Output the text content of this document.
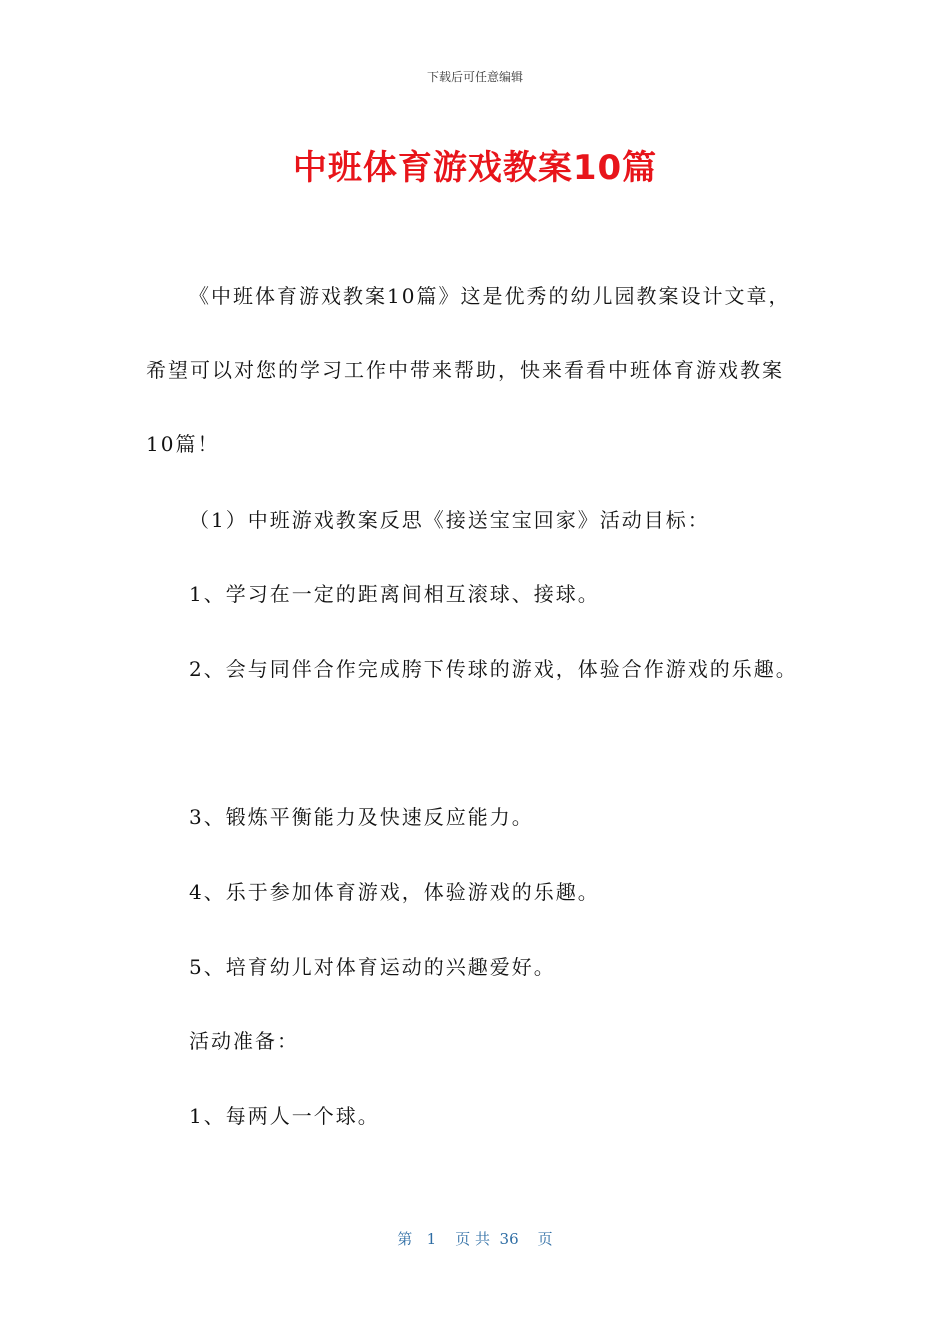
下载后可任意编辑
中班体育游戏教案10篇
《中班体育游戏教案10篇》这是优秀的幼儿园教案设计文章，
希望可以对您的学习工作中带来帮助，快来看看中班体育游戏教案
10篇！
（1）中班游戏教案反思《接送宝宝回家》活动目标：
1、学习在一定的距离间相互滚球、接球。
2、会与同伴合作完成胯下传球的游戏，体验合作游戏的乐趣。
3、锻炼平衡能力及快速反应能力。
4、乐于参加体育游戏，体验游戏的乐趣。
5、培育幼儿对体育运动的兴趣爱好。
活动准备：
1、每两人一个球。
第   1    页 共  36    页
